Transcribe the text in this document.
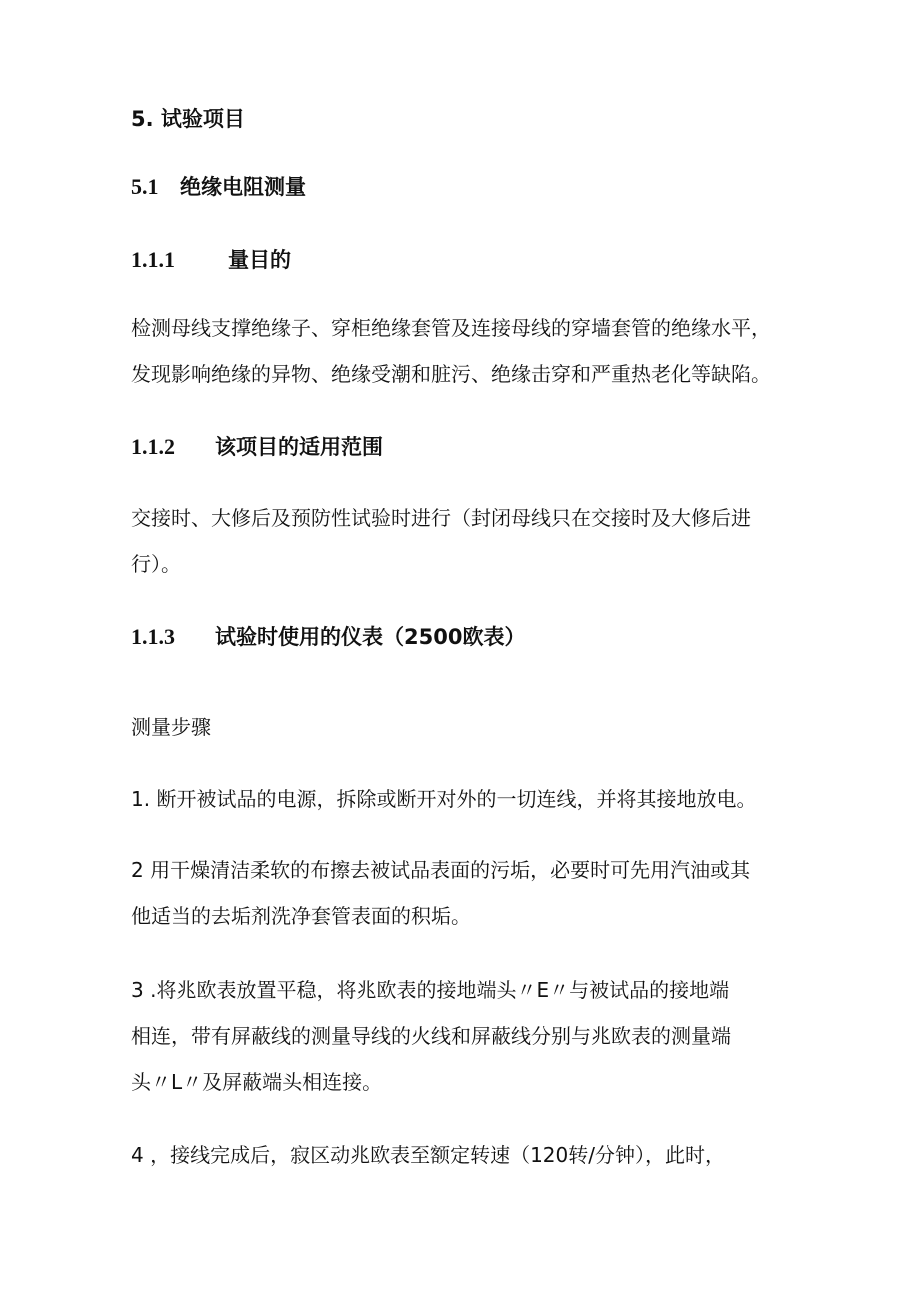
5. 试验项目
5.1 绝缘电阻测量
1.1.1	量目的
检测母线支撑绝缘子、穿柜绝缘套管及连接母线的穿墙套管的绝缘水平，
发现影响绝缘的异物、绝缘受潮和脏污、绝缘击穿和严重热老化等缺陷。
1.1.2 该项目的适用范围
交接时、大修后及预防性试验时进行（封闭母线只在交接时及大修后进
行）。
1.1.3 试验时使用的仪表（2500欧表）
测量步骤
1. 断开被试品的电源，拆除或断开对外的一切连线，并将其接地放电。
2 用干燥清洁柔软的布擦去被试品表面的污垢，必要时可先用汽油或其
他适当的去垢剂洗净套管表面的积垢。
3 .将兆欧表放置平稳，将兆欧表的接地端头〃E〃与被试品的接地端
相连，带有屏蔽线的测量导线的火线和屏蔽线分别与兆欧表的测量端
头〃L〃及屏蔽端头相连接。
4 ，接线完成后，寂区动兆欧表至额定转速（120转/分钟），此时，
